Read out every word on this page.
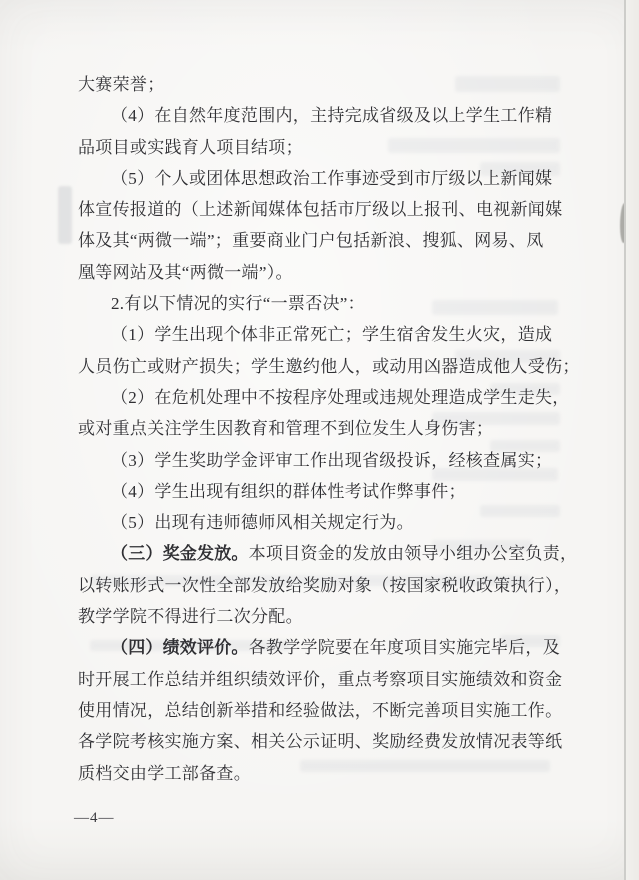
大赛荣誉；
（4）在自然年度范围内，主持完成省级及以上学生工作精
品项目或实践育人项目结项；
（5）个人或团体思想政治工作事迹受到市厅级以上新闻媒
体宣传报道的（上述新闻媒体包括市厅级以上报刊、电视新闻媒
体及其“两微一端”；重要商业门户包括新浪、搜狐、网易、凤
凰等网站及其“两微一端”）。
2.有以下情况的实行“一票否决”：
（1）学生出现个体非正常死亡；学生宿舍发生火灾，造成
人员伤亡或财产损失；学生邀约他人，或动用凶器造成他人受伤；
（2）在危机处理中不按程序处理或违规处理造成学生走失，
或对重点关注学生因教育和管理不到位发生人身伤害；
（3）学生奖助学金评审工作出现省级投诉，经核查属实；
（4）学生出现有组织的群体性考试作弊事件；
（5）出现有违师德师风相关规定行为。
（三）奖金发放。本项目资金的发放由领导小组办公室负责，
以转账形式一次性全部发放给奖励对象（按国家税收政策执行），
教学学院不得进行二次分配。
（四）绩效评价。各教学学院要在年度项目实施完毕后，及
时开展工作总结并组织绩效评价，重点考察项目实施绩效和资金
使用情况，总结创新举措和经验做法，不断完善项目实施工作。
各学院考核实施方案、相关公示证明、奖励经费发放情况表等纸
质档交由学工部备查。
—4—
